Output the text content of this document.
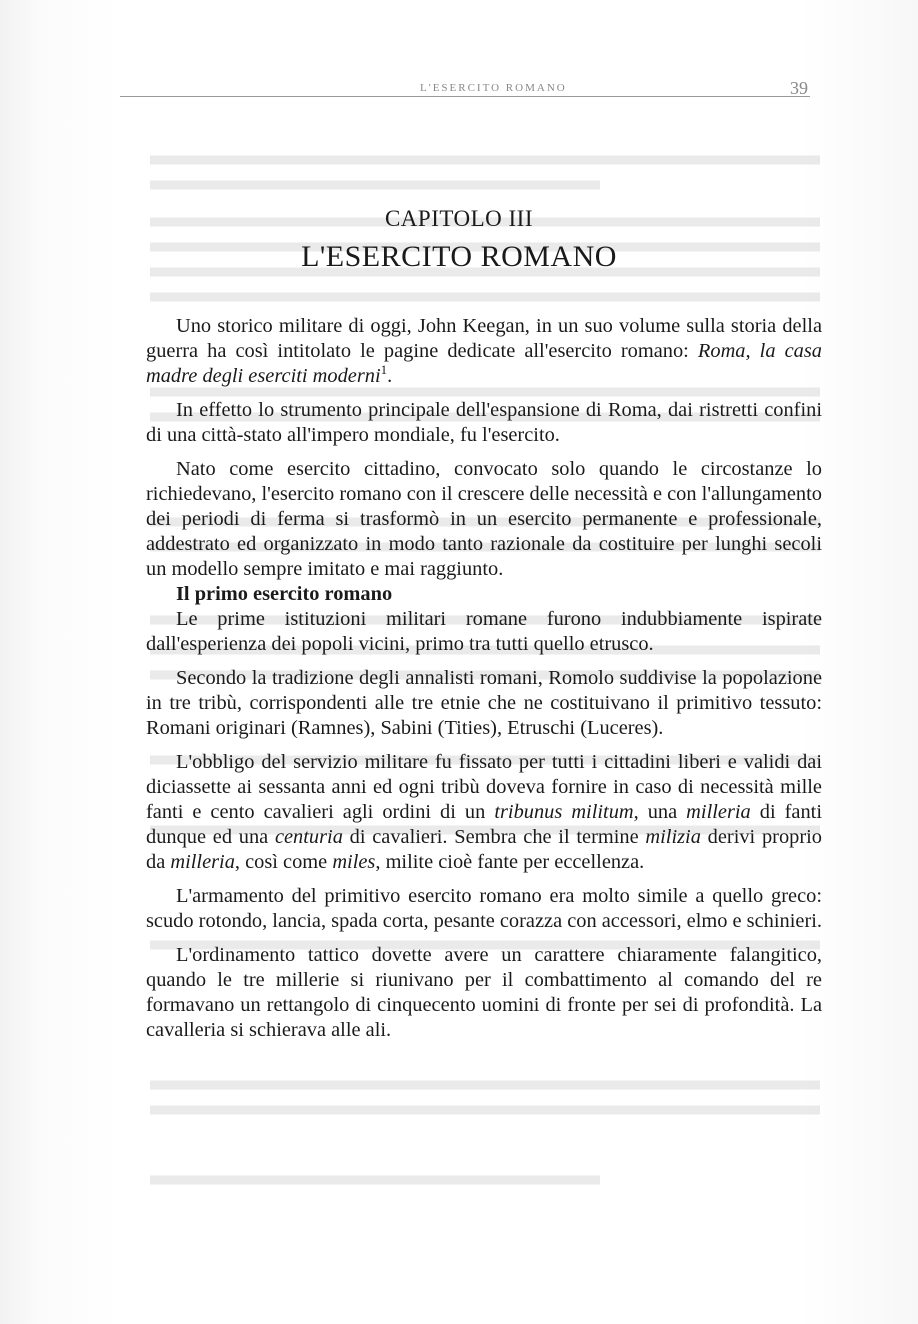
L'ESERCITO ROMANO	39
CAPITOLO III
L'ESERCITO ROMANO

Uno storico militare di oggi, John Keegan, in un suo volume sulla storia della guerra ha così intitolato le pagine dedicate all'esercito romano: Roma, la casa madre degli eserciti moderni$^1$.

In effetto lo strumento principale dell'espansione di Roma, dai ristretti confini di una città-stato all'impero mondiale, fu l'esercito.

Nato come esercito cittadino, convocato solo quando le circostanze lo richiedevano, l'esercito romano con il crescere delle necessità e con l'allungamento dei periodi di ferma si trasformò in un esercito permanente e professionale, addestrato ed organizzato in modo tanto razionale da costituire per lunghi secoli un modello sempre imitato e mai raggiunto.

Il primo esercito romano

Le prime istituzioni militari romane furono indubbiamente ispirate dall'esperienza dei popoli vicini, primo tra tutti quello etrusco.

Secondo la tradizione degli annalisti romani, Romolo suddivise la popolazione in tre tribù, corrispondenti alle tre etnie che ne costituivano il primitivo tessuto: Romani originari (Ramnes), Sabini (Tities), Etruschi (Luceres).

L'obbligo del servizio militare fu fissato per tutti i cittadini liberi e validi dai diciassette ai sessanta anni ed ogni tribù doveva fornire in caso di necessità mille fanti e cento cavalieri agli ordini di un tribunus militum, una milleria di fanti dunque ed una centuria di cavalieri. Sembra che il termine milizia derivi proprio da milleria, così come miles, milite cioè fante per eccellenza.

L'armamento del primitivo esercito romano era molto simile a quello greco: scudo rotondo, lancia, spada corta, pesante corazza con accessori, elmo e schinieri.

L'ordinamento tattico dovette avere un carattere chiaramente falangitico, quando le tre millerie si riunivano per il combattimento al comando del re formavano un rettangolo di cinquecento uomini di fronte per sei di profondità. La cavalleria si schierava alle ali.
